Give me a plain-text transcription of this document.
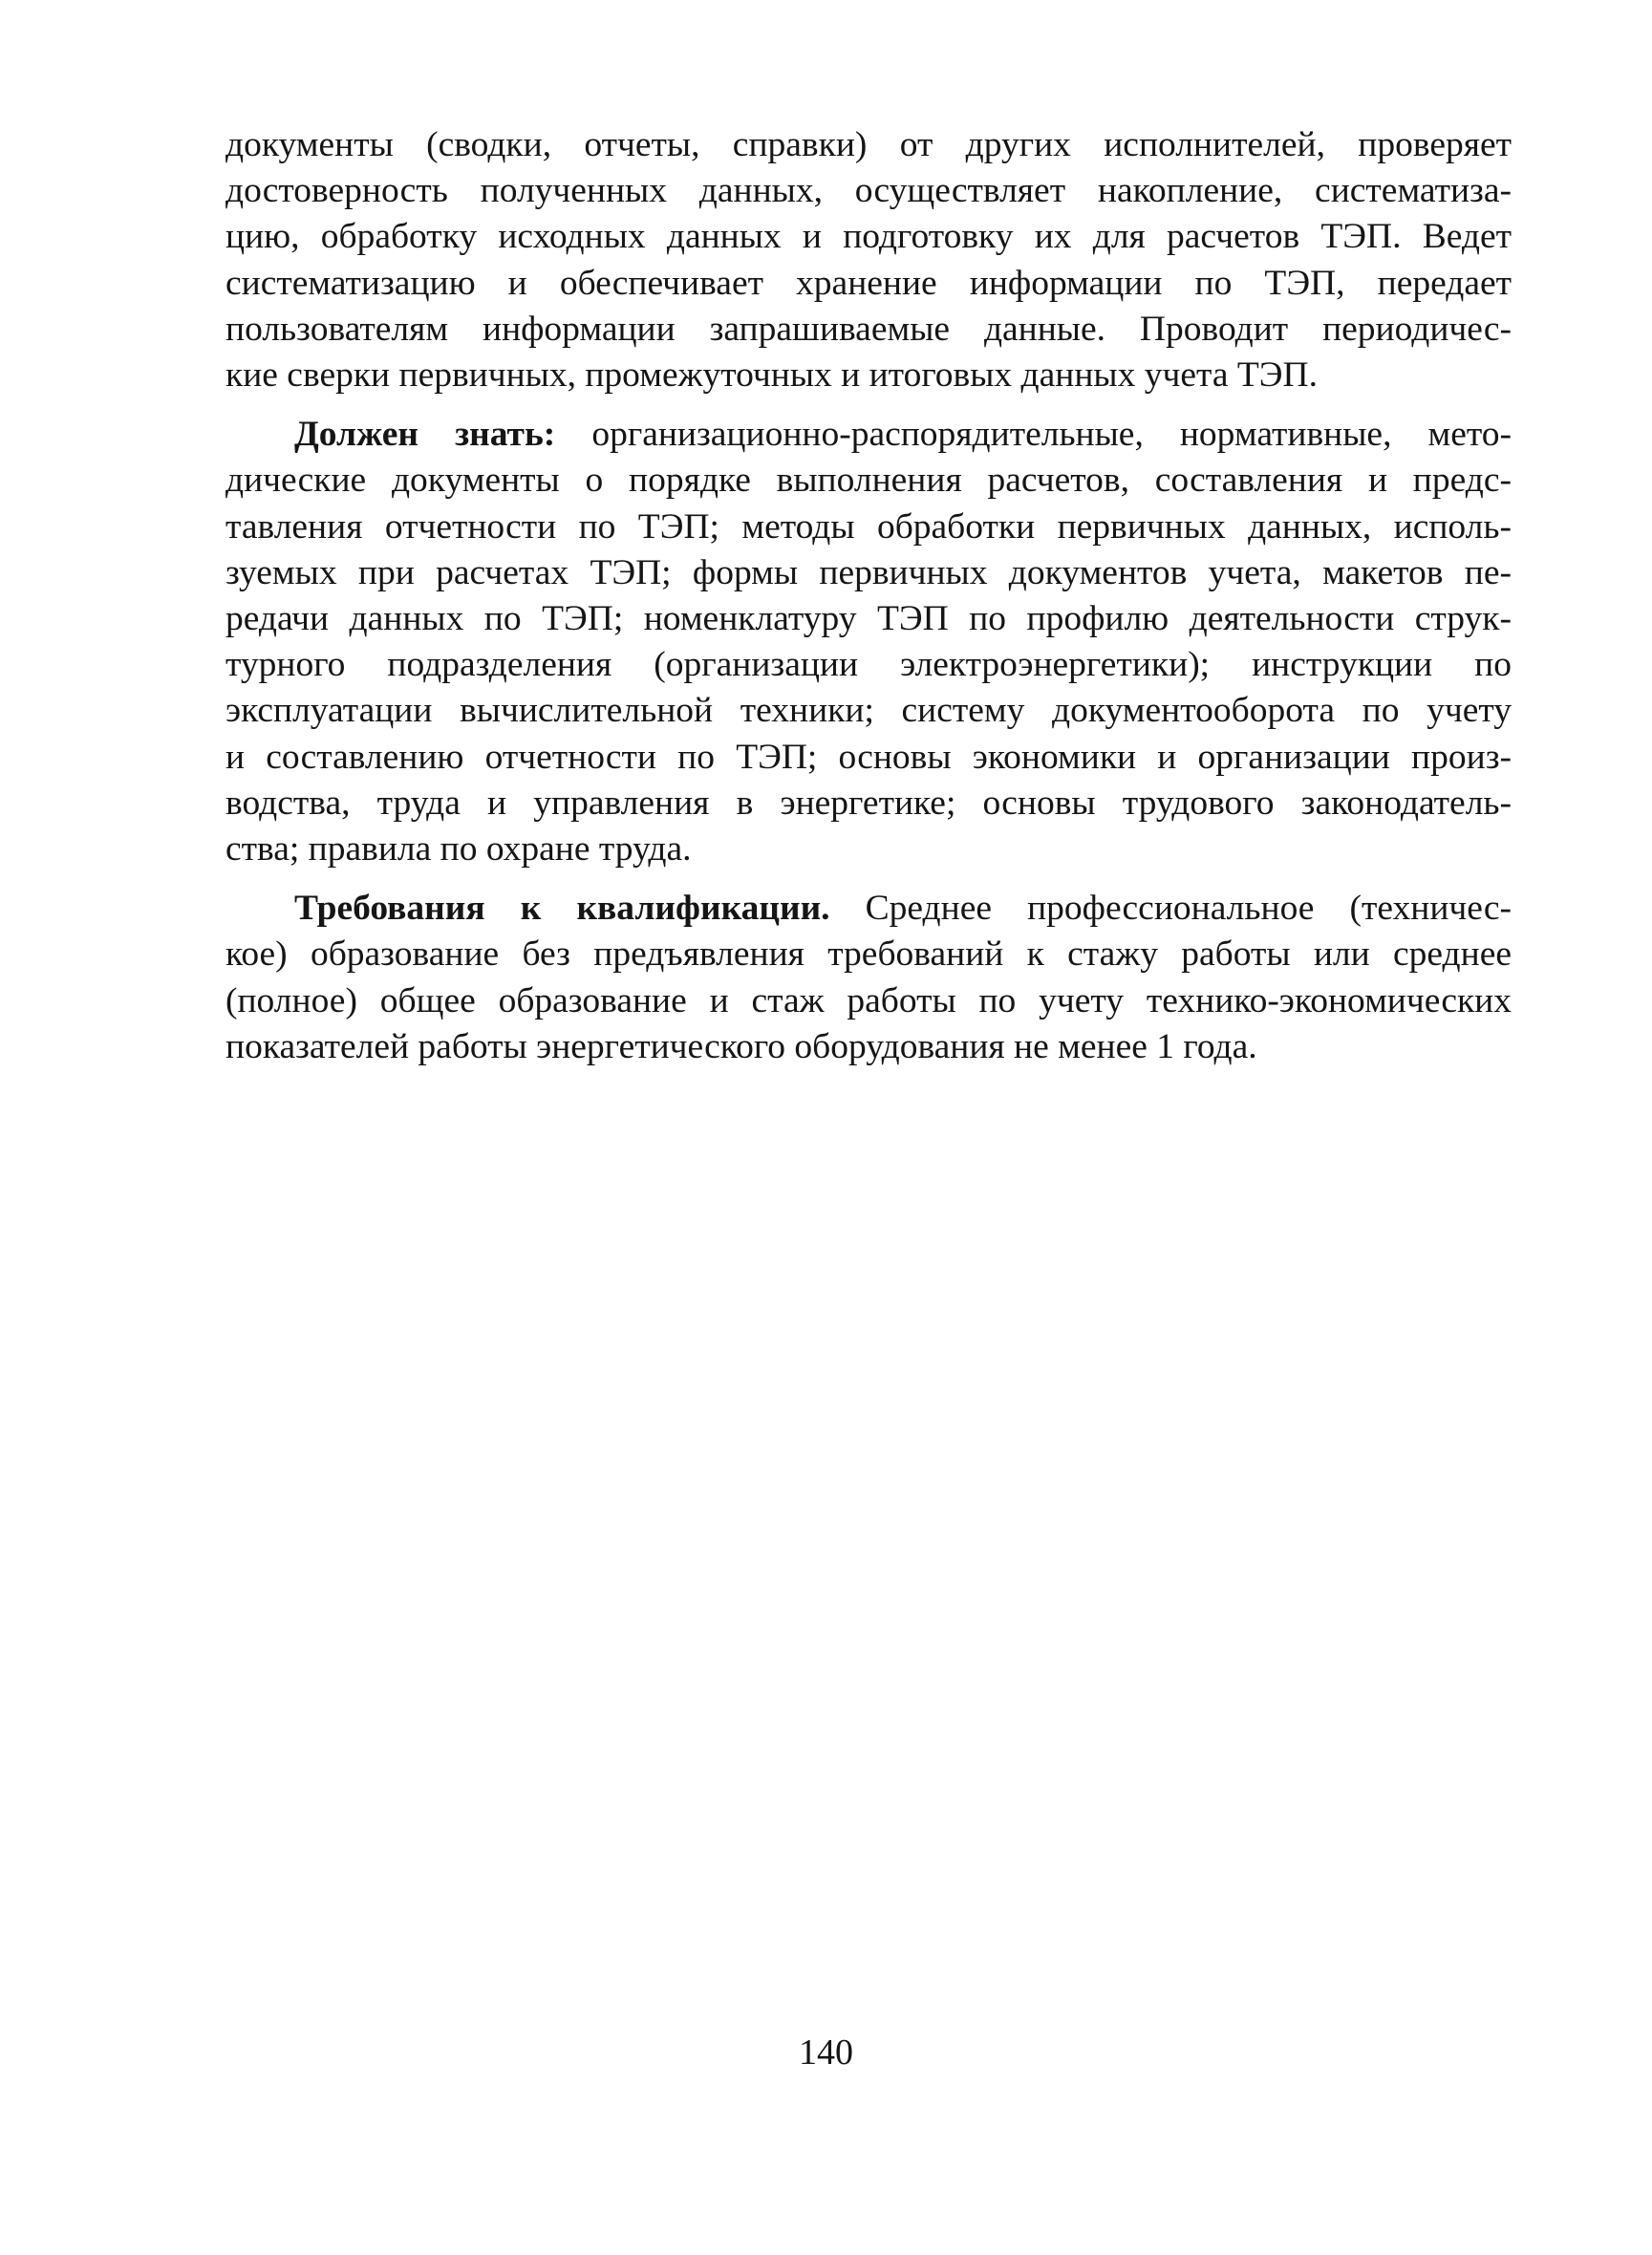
документы (сводки, отчеты, справки) от других исполнителей, проверяет
достоверность полученных данных, осуществляет накопление, систематиза-
цию, обработку исходных данных и подготовку их для расчетов ТЭП. Ведет
систематизацию и обеспечивает хранение информации по ТЭП, передает
пользователям информации запрашиваемые данные. Проводит периодичес-
кие сверки первичных, промежуточных и итоговых данных учета ТЭП.
Должен знать: организационно-распорядительные, нормативные, мето-
дические документы о порядке выполнения расчетов, составления и предс-
тавления отчетности по ТЭП; методы обработки первичных данных, исполь-
зуемых при расчетах ТЭП; формы первичных документов учета, макетов пе-
редачи данных по ТЭП; номенклатуру ТЭП по профилю деятельности струк-
турного подразделения (организации электроэнергетики); инструкции по
эксплуатации вычислительной техники; систему документооборота по учету
и составлению отчетности по ТЭП; основы экономики и организации произ-
водства, труда и управления в энергетике; основы трудового законодатель-
ства; правила по охране труда.
Требования к квалификации. Среднее профессиональное (техничес-
кое) образование без предъявления требований к стажу работы или среднее
(полное) общее образование и стаж работы по учету технико-экономических
показателей работы энергетического оборудования не менее 1 года.
140
